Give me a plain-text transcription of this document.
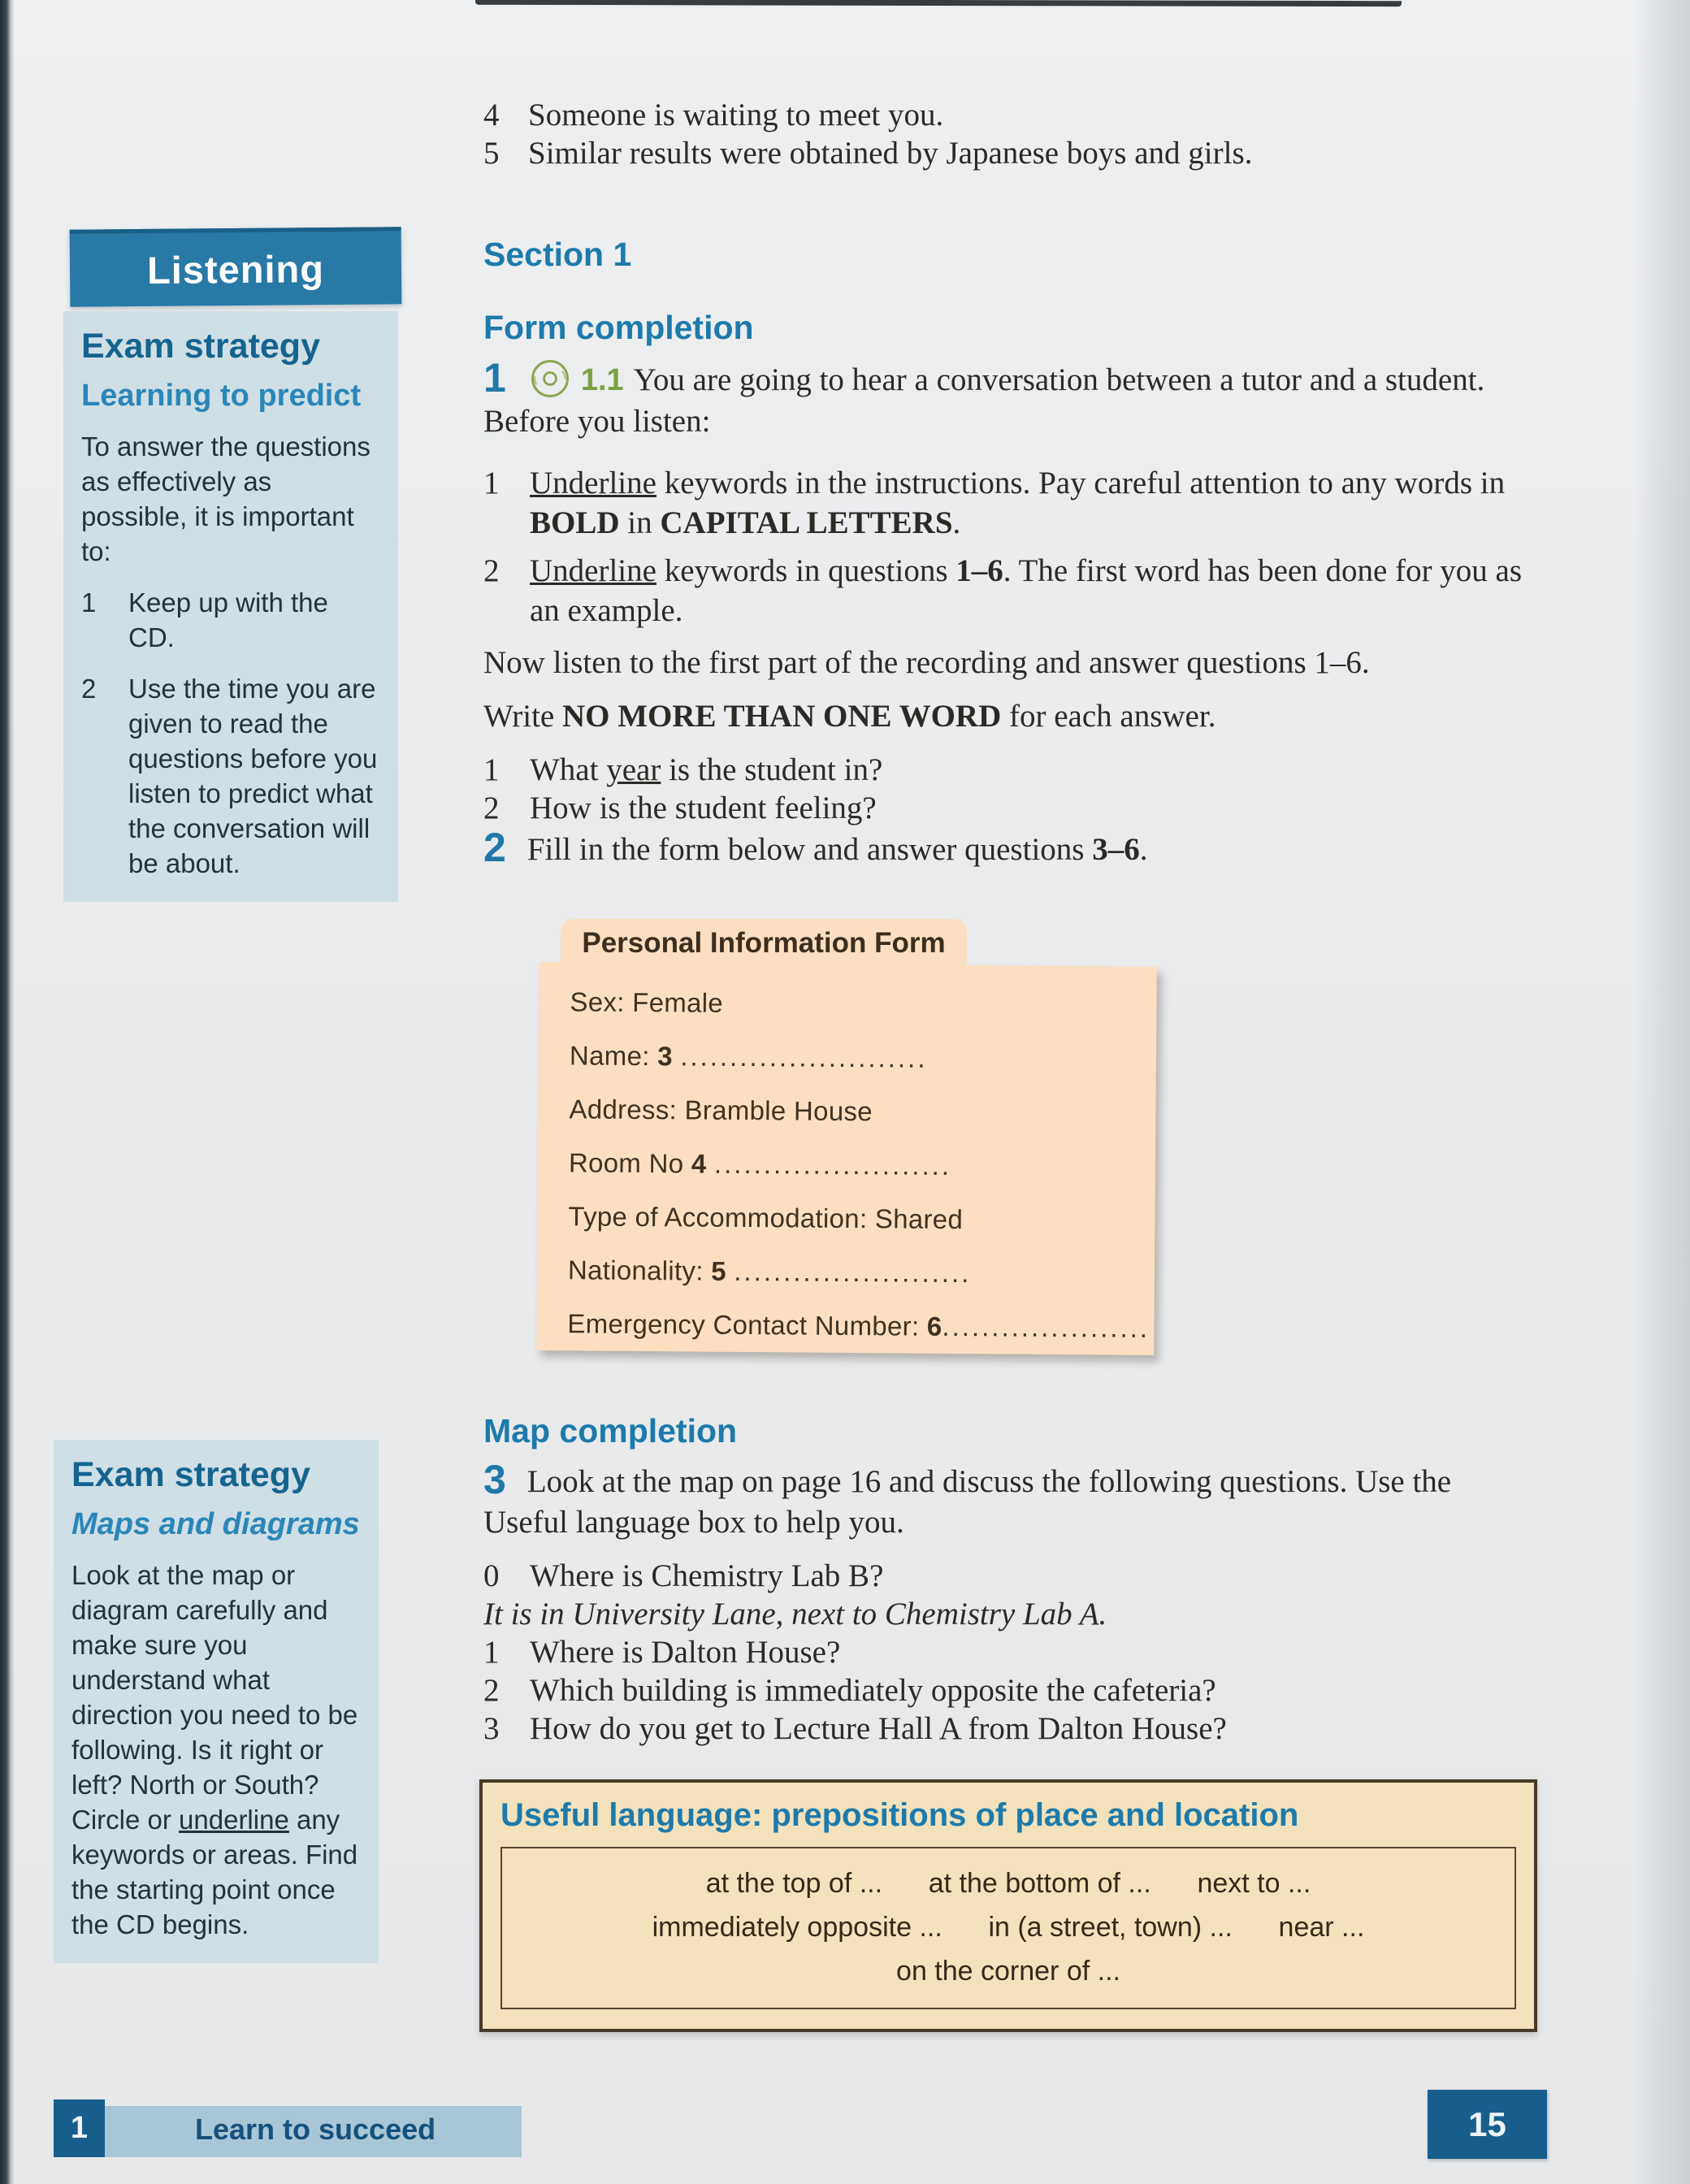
4 Someone is waiting to meet you.
5 Similar results were obtained by Japanese boys and girls.
Listening
Exam strategy
Learning to predict
To answer the questions as effectively as possible, it is important to:
1	Keep up with the CD.
2	Use the time you are given to read the questions before you listen to predict what the conversation will be about.
Exam strategy
Maps and diagrams
Look at the map or diagram carefully and make sure you understand what direction you need to be following. Is it right or left? North or South? Circle or underline any keywords or areas. Find the starting point once the CD begins.
Section 1
Form completion

1 1.1 You are going to hear a conversation between a tutor and a student. Before you listen:

1 Underline keywords in the instructions. Pay careful attention to any words in BOLD in CAPITAL LETTERS.
2 Underline keywords in questions 1–6. The first word has been done for you as an example.
Now listen to the first part of the recording and answer questions 1–6.
Write NO MORE THAN ONE WORD for each answer.
1 What year is the student in?
2 How is the student feeling?

2 Fill in the form below and answer questions 3–6.

Personal Information Form
Sex: Female
Name: 3 .........................
Address: Bramble House
Room No 4 ........................
Type of Accommodation: Shared
Nationality: 5 ........................
Emergency Contact Number: 6.....................
Map completion

3 Look at the map on page 16 and discuss the following questions. Use the Useful language box to help you.

0 Where is Chemistry Lab B?
It is in University Lane, next to Chemistry Lab A.
1 Where is Dalton House?
2 Which building is immediately opposite the cafeteria?
3 How do you get to Lecture Hall A from Dalton House?
Useful language: prepositions of place and location
at the top of ...      at the bottom of ...      next to ...
immediately opposite ...      in (a street, town) ...      near ...
on the corner of ...
1	Learn to succeed	15
